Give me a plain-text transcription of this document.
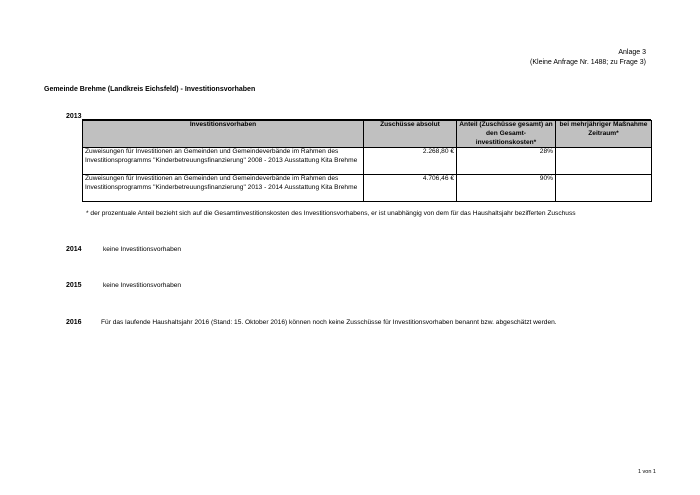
Anlage 3
(Kleine Anfrage Nr. 1488; zu Frage 3)
Gemeinde Brehme (Landkreis Eichsfeld) - Investitionsvorhaben
2013
Investitionsvorhaben	Zuschüsse absolut	Anteil (Zuschüsse gesamt) an den Gesamt- investitionskosten*	bei mehrjähriger Maßnahme Zeitraum*
Zuweisungen für Investitionen an Gemeinden und Gemeindeverbände im Rahmen des Investitionsprogramms "Kinderbetreuungsfinanzierung" 2008 - 2013 Ausstattung Kita Brehme	2.268,80 €	28%	
Zuweisungen für Investitionen an Gemeinden und Gemeindeverbände im Rahmen des Investitionsprogramms "Kinderbetreuungsfinanzierung" 2013 - 2014 Ausstattung Kita Brehme	4.706,46 €	90%	
* der prozentuale Anteil bezieht sich auf die Gesamtinvestitionskosten des Investitionsvorhabens, er ist unabhängig von dem für das Haushaltsjahr bezifferten Zuschuss
2014	keine Investitionsvorhaben
2015	keine Investitionsvorhaben
2016	Für das laufende Haushaltsjahr 2016 (Stand: 15. Oktober 2016) können noch keine Zusschüsse für Investitionsvorhaben benannt bzw. abgeschätzt werden.
1 von 1
